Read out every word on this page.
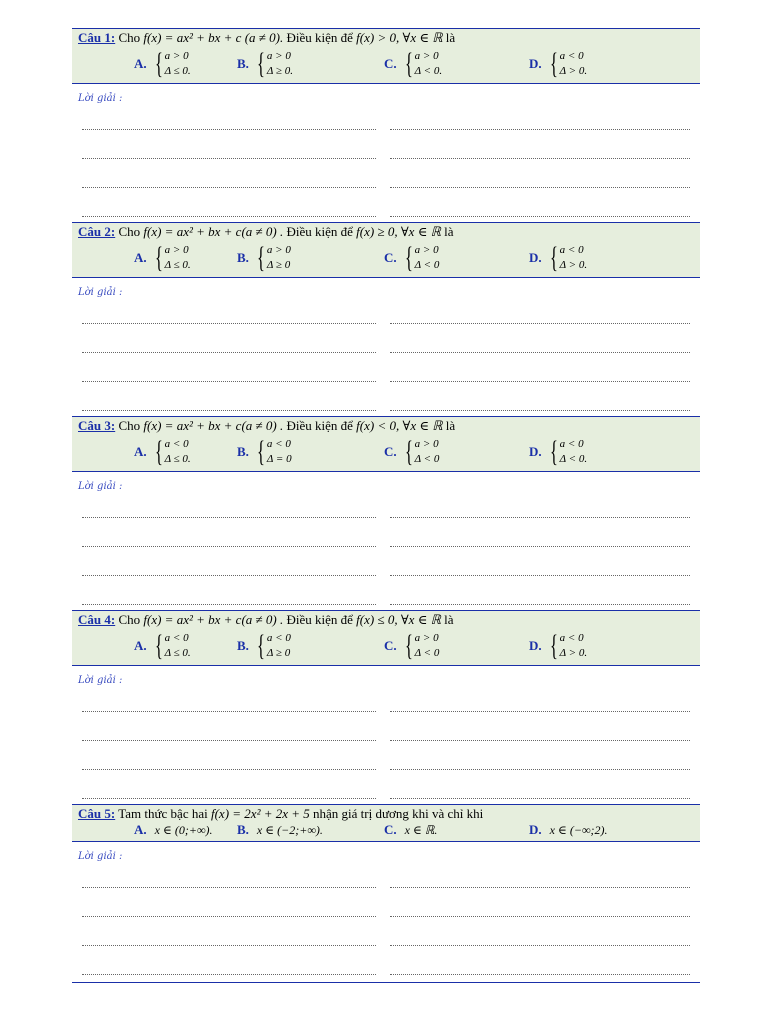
Câu 1: Cho f(x) = ax² + bx + c (a ≠ 0). Điều kiện để f(x) > 0, ∀x ∈ ℝ là
A. { a > 0
Δ ≤ 0.	B. { a > 0
Δ ≥ 0.	C. { a > 0
Δ < 0.	D. { a < 0
Δ > 0.
Câu 2: Cho f(x) = ax² + bx + c(a ≠ 0) . Điều kiện để f(x) ≥ 0, ∀x ∈ ℝ là
A. { a > 0
Δ ≤ 0.	B. { a > 0
Δ ≥ 0	C. { a > 0
Δ < 0	D. { a < 0
Δ > 0.
Câu 3: Cho f(x) = ax² + bx + c(a ≠ 0) . Điều kiện để f(x) < 0, ∀x ∈ ℝ là
A. { a < 0
Δ ≤ 0.	B. { a < 0
Δ = 0	C. { a > 0
Δ < 0	D. { a < 0
Δ < 0.
Câu 4: Cho f(x) = ax² + bx + c(a ≠ 0) . Điều kiện để f(x) ≤ 0, ∀x ∈ ℝ là
A. { a < 0
Δ ≤ 0.	B. { a < 0
Δ ≥ 0	C. { a > 0
Δ < 0	D. { a < 0
Δ > 0.
Câu 5: Tam thức bậc hai f(x) = 2x² + 2x + 5 nhận giá trị dương khi và chỉ khi
A. x ∈ (0;+∞). B. x ∈ (−2;+∞).	C. x ∈ ℝ.	D. x ∈ (−∞;2).
Lời giải :
Lời giải :
Lời giải :
Lời giải :
Lời giải :
